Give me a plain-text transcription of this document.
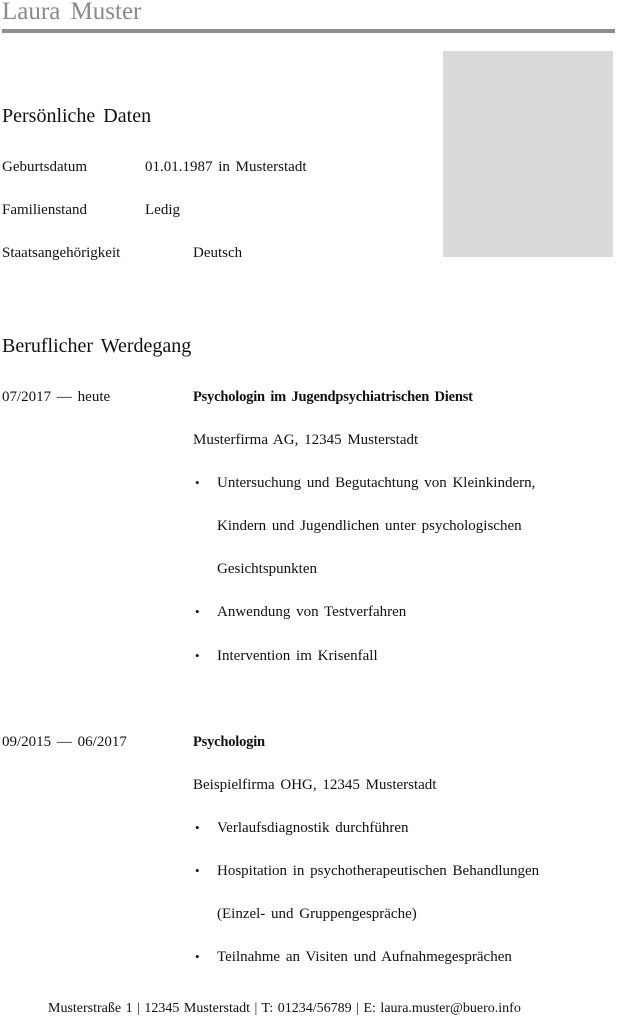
Laura Muster
Persönliche Daten
Geburtsdatum	01.01.1987 in Musterstadt
Familienstand	Ledig
Staatsangehörigkeit	Deutsch
Beruflicher Werdegang
07/2017 — heute	Psychologin im Jugendpsychiatrischen Dienst
Musterfirma AG, 12345 Musterstadt
• Untersuchung und Begutachtung von Kleinkindern,
Kindern und Jugendlichen unter psychologischen
Gesichtspunkten
• Anwendung von Testverfahren
• Intervention im Krisenfall
09/2015 — 06/2017	Psychologin
Beispielfirma OHG, 12345 Musterstadt
• Verlaufsdiagnostik durchführen
• Hospitation in psychotherapeutischen Behandlungen
(Einzel- und Gruppengespräche)
• Teilnahme an Visiten und Aufnahmegesprächen
Musterstraße 1 | 12345 Musterstadt | T: 01234/56789 | E: laura.muster@buero.info
